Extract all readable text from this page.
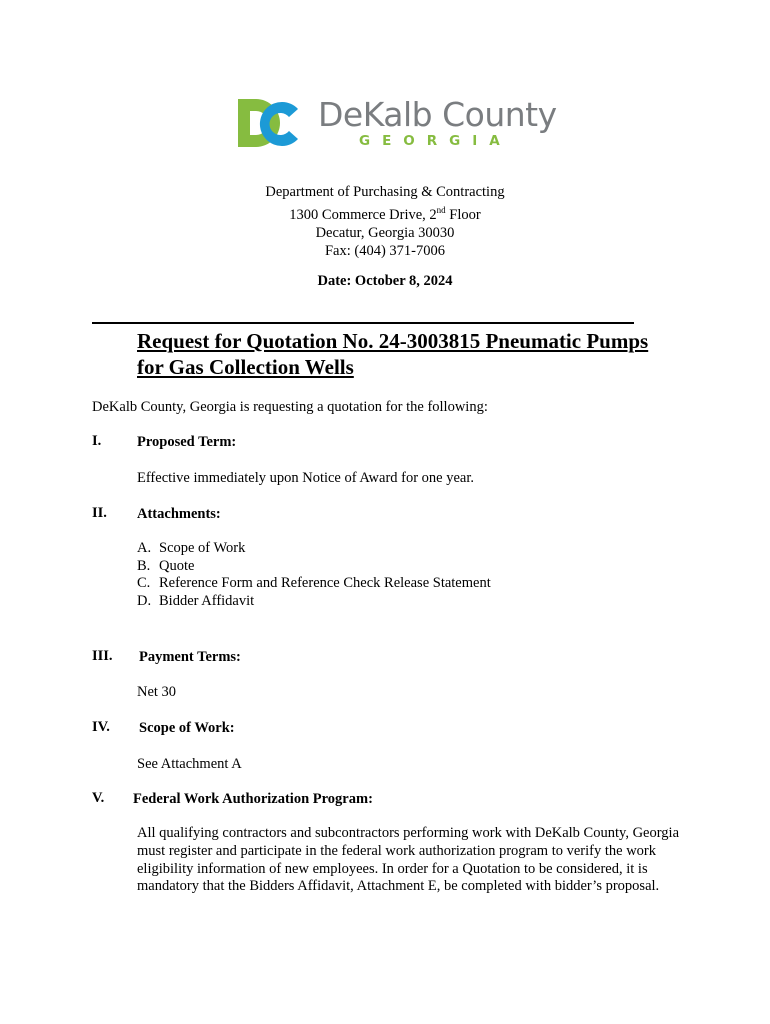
DeKalb County
GEORGIA
Department of Purchasing & Contracting
1300 Commerce Drive, 2nd Floor
Decatur, Georgia 30030
Fax: (404) 371-7006
Date: October 8, 2024
Request for Quotation No. 24-3003815 Pneumatic Pumps for Gas Collection Wells
DeKalb County, Georgia is requesting a quotation for the following:
I. Proposed Term:
Effective immediately upon Notice of Award for one year.
II. Attachments:
A. Scope of Work
B. Quote
C. Reference Form and Reference Check Release Statement
D. Bidder Affidavit
III. Payment Terms:
Net 30
IV. Scope of Work:
See Attachment A
V. Federal Work Authorization Program:
All qualifying contractors and subcontractors performing work with DeKalb County, Georgia must register and participate in the federal work authorization program to verify the work eligibility information of new employees. In order for a Quotation to be considered, it is mandatory that the Bidders Affidavit, Attachment E, be completed with bidder’s proposal.
